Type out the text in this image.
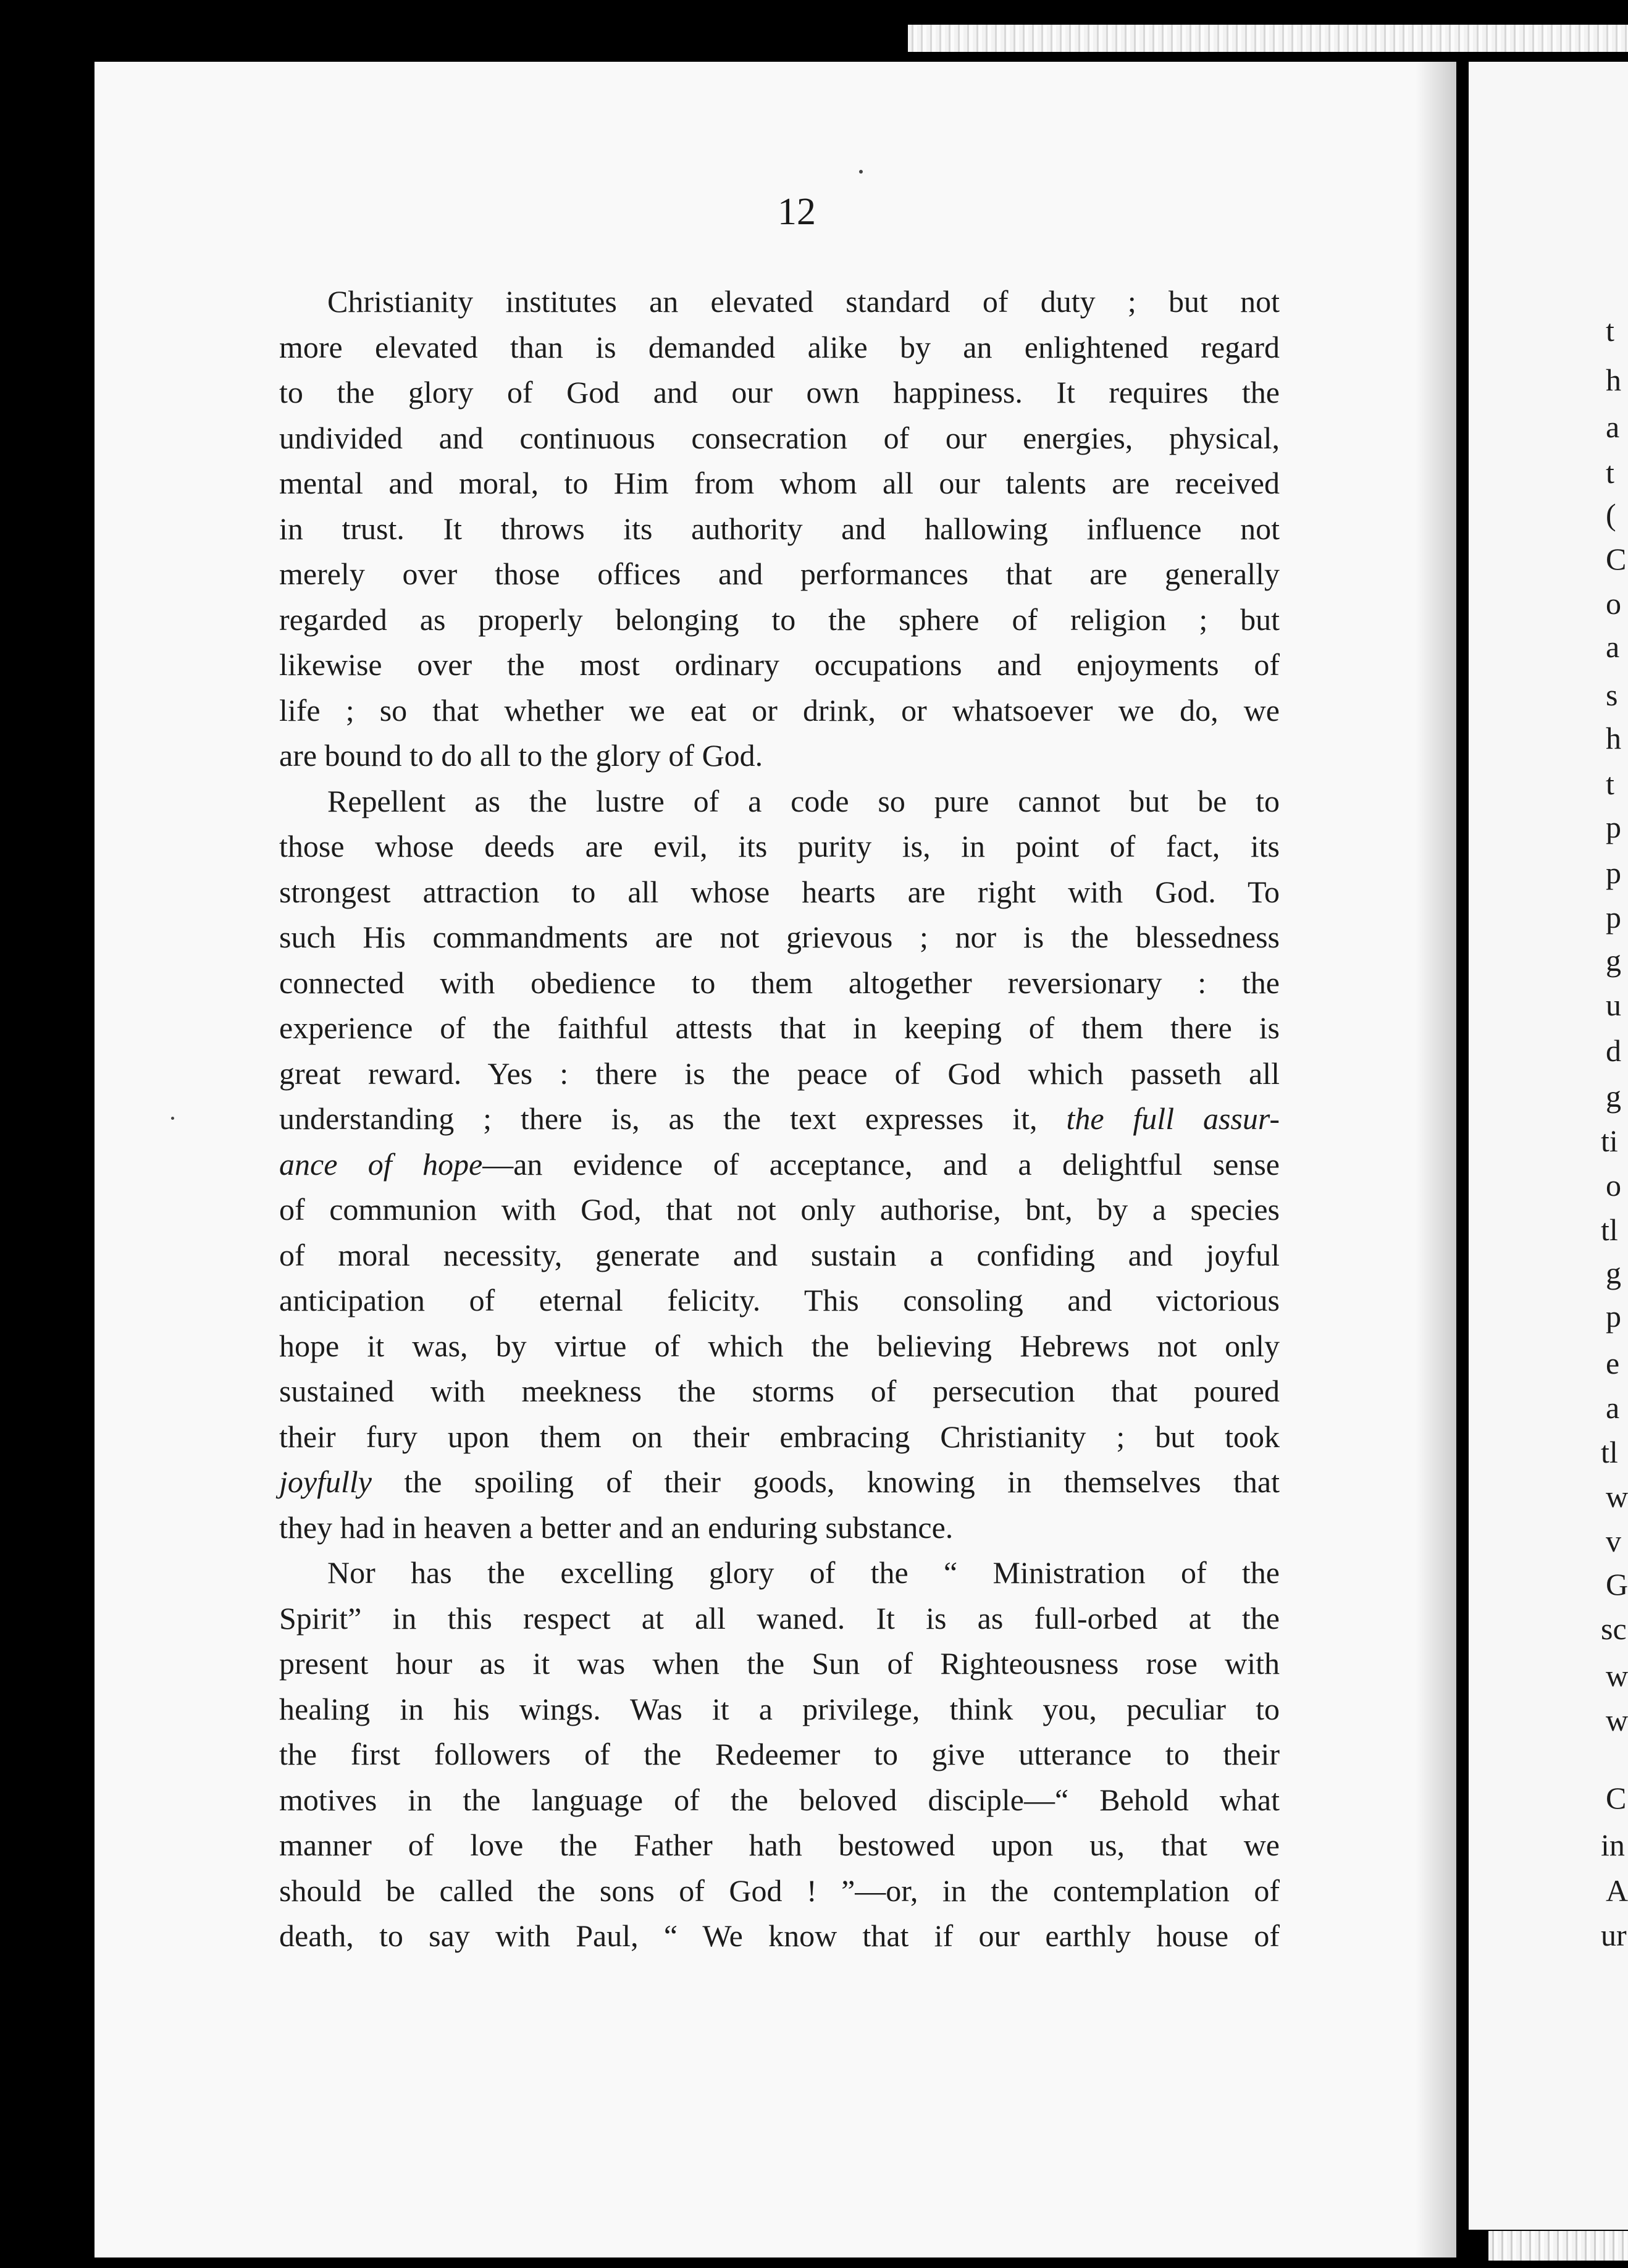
12

Christianity institutes an elevated standard of duty ; but not
more elevated than is demanded alike by an enlightened regard
to the glory of God and our own happiness. It requires the
undivided and continuous consecration of our energies, physical,
mental and moral, to Him from whom all our talents are received
in trust. It throws its authority and hallowing influence not
merely over those offices and performances that are generally
regarded as properly belonging to the sphere of religion ; but
likewise over the most ordinary occupations and enjoyments of
life ; so that whether we eat or drink, or whatsoever we do, we
are bound to do all to the glory of God.
Repellent as the lustre of a code so pure cannot but be to
those whose deeds are evil, its purity is, in point of fact, its
strongest attraction to all whose hearts are right with God. To
such His commandments are not grievous ; nor is the blessedness
connected with obedience to them altogether reversionary : the
experience of the faithful attests that in keeping of them there is
great reward. Yes : there is the peace of God which passeth all
understanding ; there is, as the text expresses it, the full assur-
ance of hope—an evidence of acceptance, and a delightful sense
of communion with God, that not only authorise, bnt, by a species
of moral necessity, generate and sustain a confiding and joyful
anticipation of eternal felicity. This consoling and victorious
hope it was, by virtue of which the believing Hebrews not only
sustained with meekness the storms of persecution that poured
their fury upon them on their embracing Christianity ; but took
joyfully the spoiling of their goods, knowing in themselves that
they had in heaven a better and an enduring substance.
Nor has the excelling glory of the “ Ministration of the
Spirit” in this respect at all waned. It is as full-orbed at the
present hour as it was when the Sun of Righteousness rose with
healing in his wings. Was it a privilege, think you, peculiar to
the first followers of the Redeemer to give utterance to their
motives in the language of the beloved disciple—“ Behold what
manner of love the Father hath bestowed upon us, that we
should be called the sons of God ! ”—or, in the contemplation of
death, to say with Paul, “ We know that if our earthly house of
t
h
a
t
(
C
o
a
s
h
t
p
p
p
g
u
d
g
ti
o
tl
g
p
e
a
tl
w
v
G
sc
w
w
C
in
A
ur
